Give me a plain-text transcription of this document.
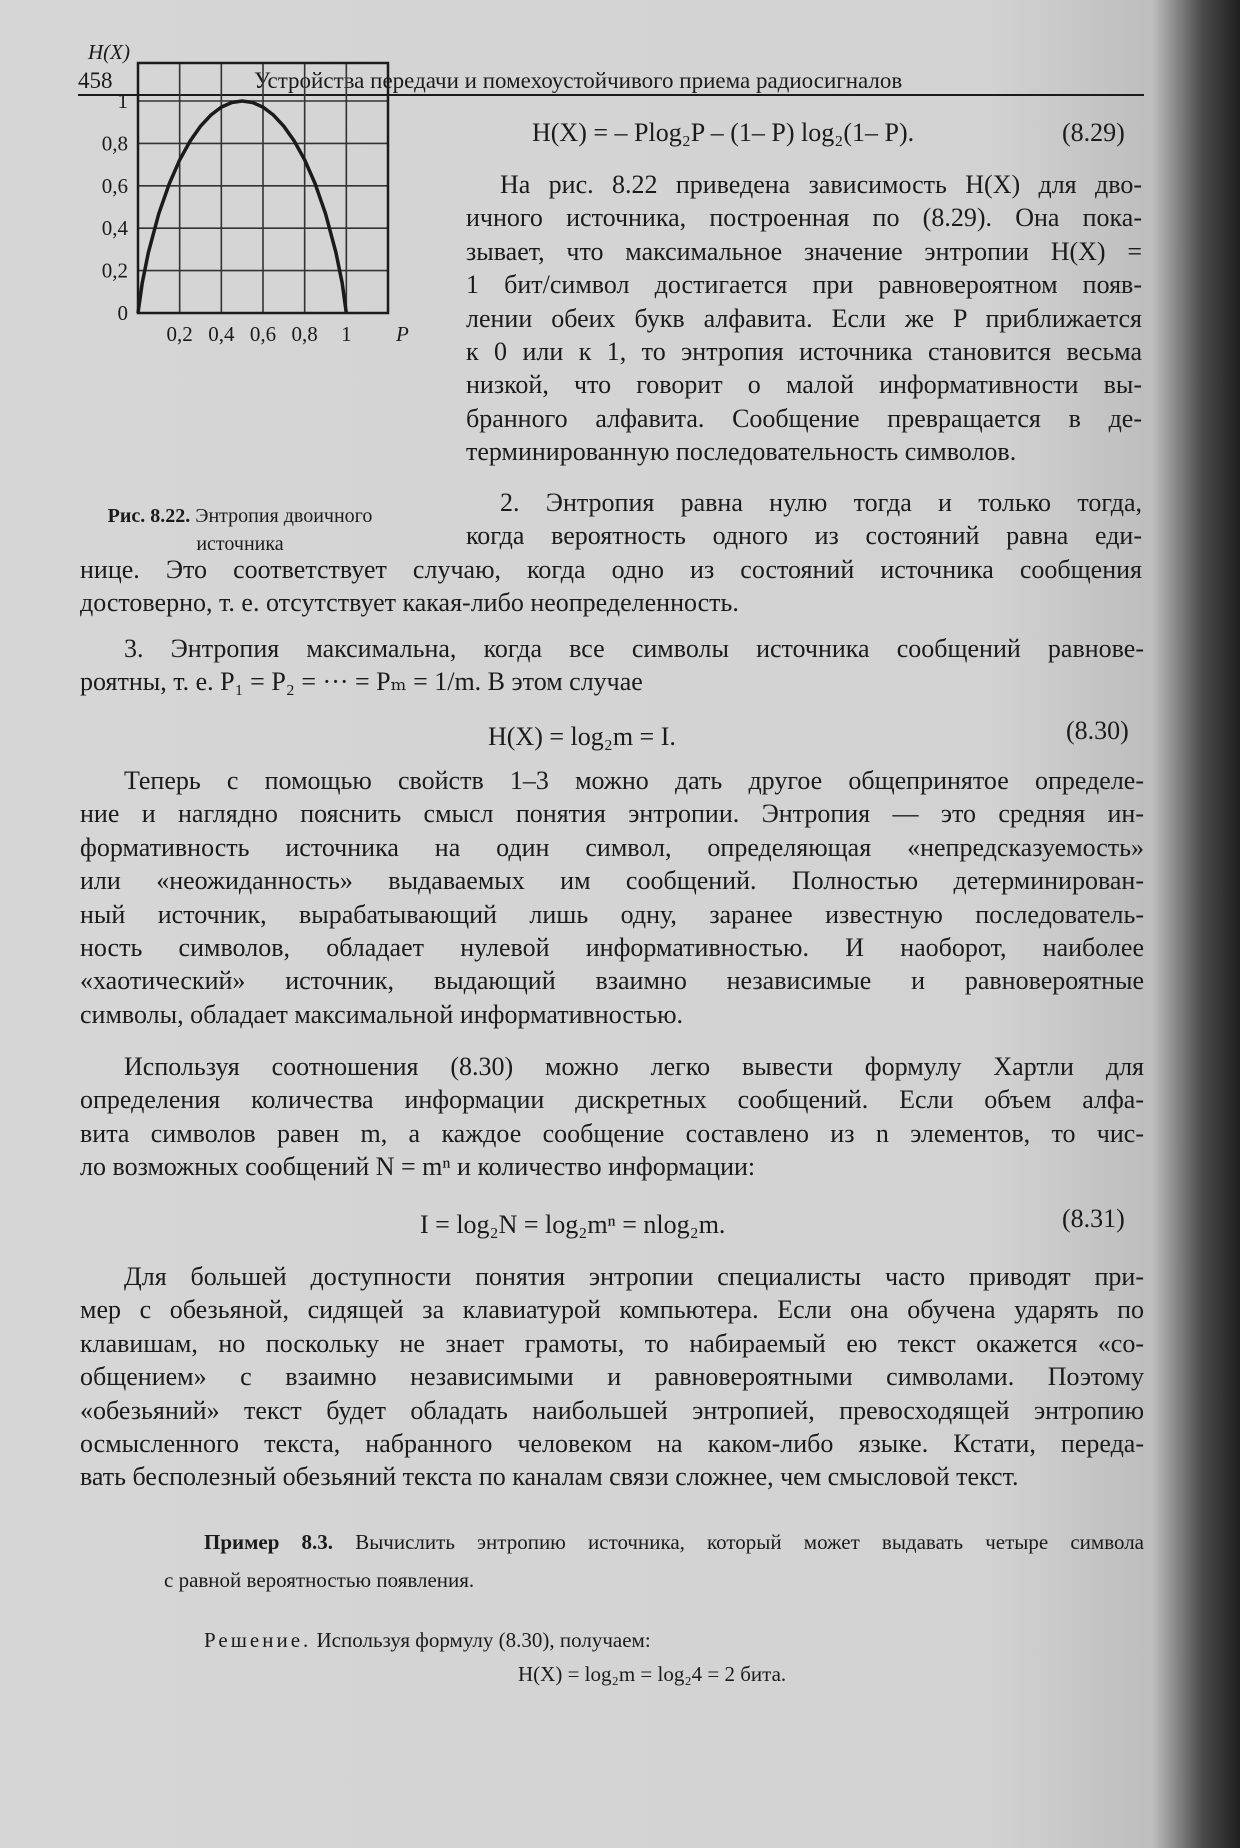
458	Устройства передачи и помехоустойчивого приема радиосигналов
1
0,8
0,6
0,4
0,2
0
0,2 0,4 0,6 0,8 1
H(X)
P
Рис. 8.22. Энтропия двоичного источника
H(X) = – Plog₂P – (1– P) log₂(1– P).	(8.29)
На рис. 8.22 приведена зависимость H(X) для дво-
ичного источника, построенная по (8.29). Она пока-
зывает, что максимальное значение энтропии H(X) =
1 бит/символ достигается при равновероятном появ-
лении обеих букв алфавита. Если же P приближается
к 0 или к 1, то энтропия источника становится весьма
низкой, что говорит о малой информативности вы-
бранного алфавита. Сообщение превращается в де-
терминированную последовательность символов.
2. Энтропия равна нулю тогда и только тогда,
когда вероятность одного из состояний равна еди-
нице. Это соответствует случаю, когда одно из состояний источника сообщения
достоверно, т. е. отсутствует какая-либо неопределенность.
3. Энтропия максимальна, когда все символы источника сообщений равнове-
роятны, т. е. P₁ = P₂ = ··· = Pₘ = 1/m. В этом случае
H(X) = log₂m = I.	(8.30)
Теперь с помощью свойств 1–3 можно дать другое общепринятое определе-
ние и наглядно пояснить смысл понятия энтропии. Энтропия — это средняя ин-
формативность источника на один символ, определяющая «непредсказуемость»
или «неожиданность» выдаваемых им сообщений. Полностью детерминирован-
ный источник, вырабатывающий лишь одну, заранее известную последователь-
ность символов, обладает нулевой информативностью. И наоборот, наиболее
«хаотический» источник, выдающий взаимно независимые и равновероятные
символы, обладает максимальной информативностью.
Используя соотношения (8.30) можно легко вывести формулу Хартли для
определения количества информации дискретных сообщений. Если объем алфа-
вита символов равен m, а каждое сообщение составлено из n элементов, то чис-
ло возможных сообщений N = mⁿ и количество информации:
I = log₂N = log₂mⁿ = nlog₂m.	(8.31)
Для большей доступности понятия энтропии специалисты часто приводят при-
мер с обезьяной, сидящей за клавиатурой компьютера. Если она обучена ударять по
клавишам, но поскольку не знает грамоты, то набираемый ею текст окажется «со-
общением» с взаимно независимыми и равновероятными символами. Поэтому
«обезьяний» текст будет обладать наибольшей энтропией, превосходящей энтропию
осмысленного текста, набранного человеком на каком-либо языке. Кстати, переда-
вать бесполезный обезьяний текста по каналам связи сложнее, чем смысловой текст.
Пример 8.3. Вычислить энтропию источника, который может выдавать четыре символа
с равной вероятностью появления.
Решение. Используя формулу (8.30), получаем:
H(X) = log₂m = log₂4 = 2 бита.
